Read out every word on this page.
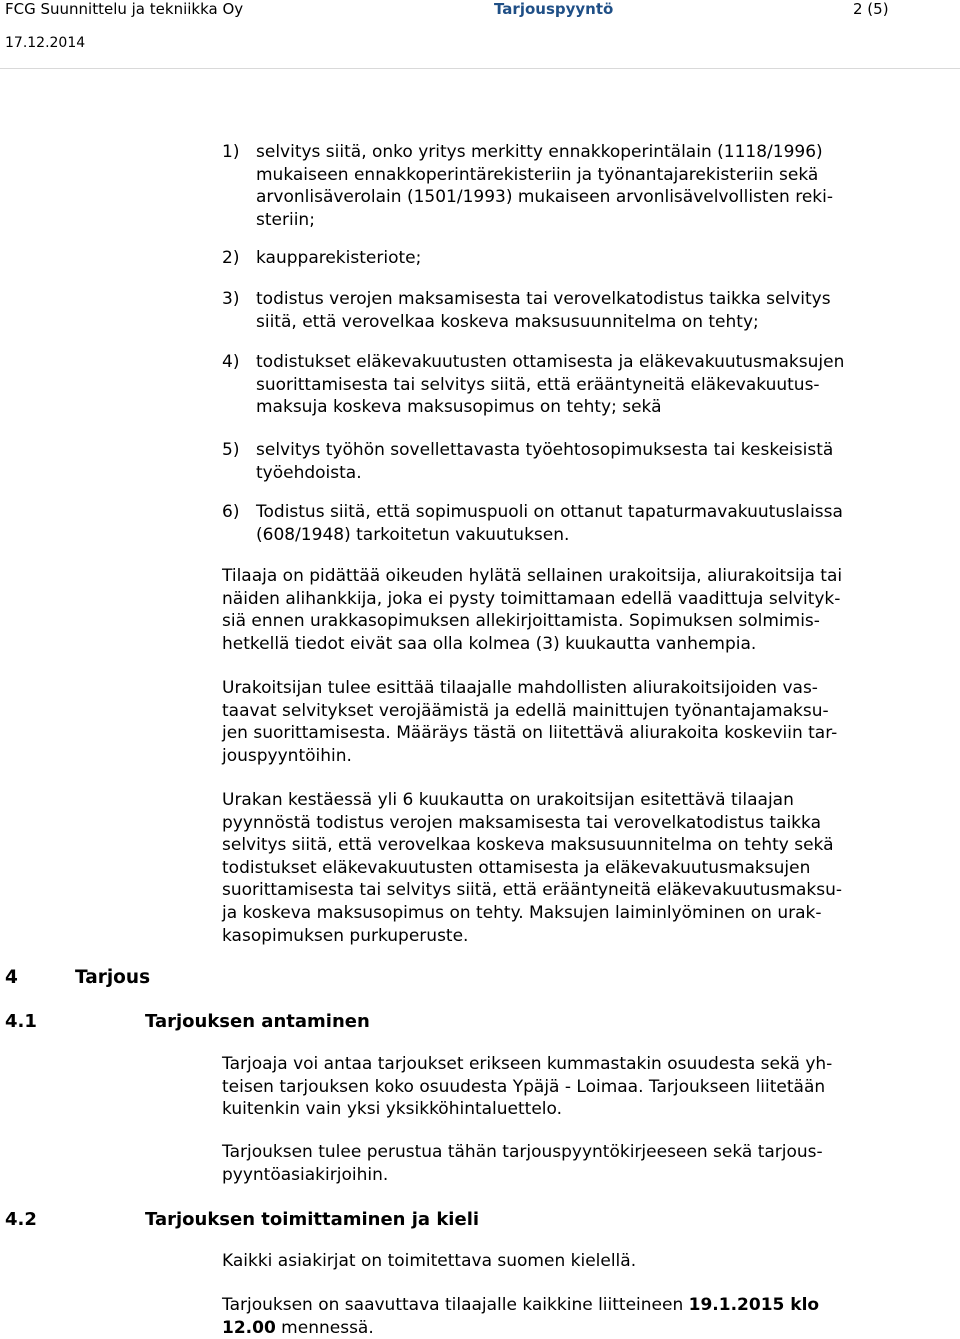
FCG Suunnittelu ja tekniikka Oy	Tarjouspyyntö	2 (5)
17.12.2014
1) selvitys siitä, onko yritys merkitty ennakkoperintälain (1118/1996)
mukaiseen ennakkoperintärekisteriin ja työnantajarekisteriin sekä
arvonlisäverolain (1501/1993) mukaiseen arvonlisävelvollisten reki-
steriin;
2) kaupparekisteriote;
3) todistus verojen maksamisesta tai verovelkatodistus taikka selvitys
siitä, että verovelkaa koskeva maksusuunnitelma on tehty;
4) todistukset eläkevakuutusten ottamisesta ja eläkevakuutusmaksujen
suorittamisesta tai selvitys siitä, että erääntyneitä eläkevakuutus-
maksuja koskeva maksusopimus on tehty; sekä
5) selvitys työhön sovellettavasta työehtosopimuksesta tai keskeisistä
työehdoista.
6) Todistus siitä, että sopimuspuoli on ottanut tapaturmavakuutuslaissa
(608/1948) tarkoitetun vakuutuksen.
Tilaaja on pidättää oikeuden hylätä sellainen urakoitsija, aliurakoitsija tai
näiden alihankkija, joka ei pysty toimittamaan edellä vaadittuja selvityk-
siä ennen urakkasopimuksen allekirjoittamista. Sopimuksen solmimis-
hetkellä tiedot eivät saa olla kolmea (3) kuukautta vanhempia.
Urakoitsijan tulee esittää tilaajalle mahdollisten aliurakoitsijoiden vas-
taavat selvitykset verojäämistä ja edellä mainittujen työnantajamaksu-
jen suorittamisesta. Määräys tästä on liitettävä aliurakoita koskeviin tar-
jouspyyntöihin.
Urakan kestäessä yli 6 kuukautta on urakoitsijan esitettävä tilaajan
pyynnöstä todistus verojen maksamisesta tai verovelkatodistus taikka
selvitys siitä, että verovelkaa koskeva maksusuunnitelma on tehty sekä
todistukset eläkevakuutusten ottamisesta ja eläkevakuutusmaksujen
suorittamisesta tai selvitys siitä, että erääntyneitä eläkevakuutusmaksu-
ja koskeva maksusopimus on tehty. Maksujen laiminlyöminen on urak-
kasopimuksen purkuperuste.
4	Tarjous
4.1	Tarjouksen antaminen
Tarjoaja voi antaa tarjoukset erikseen kummastakin osuudesta sekä yh-
teisen tarjouksen koko osuudesta Ypäjä - Loimaa. Tarjoukseen liitetään
kuitenkin vain yksi yksikköhintaluettelo.
Tarjouksen tulee perustua tähän tarjouspyyntökirjeeseen sekä tarjous-
pyyntöasiakirjoihin.
4.2	Tarjouksen toimittaminen ja kieli
Kaikki asiakirjat on toimitettava suomen kielellä.
Tarjouksen on saavuttava tilaajalle kaikkine liitteineen 19.1.2015 klo
12.00 mennessä.
